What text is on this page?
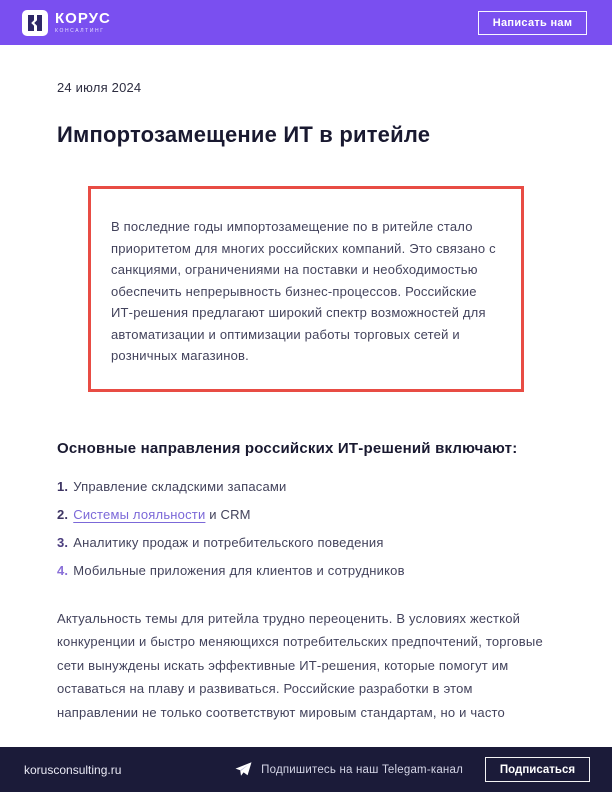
КОРУС
КОНСАЛТИНГ
Написать нам
24 июля 2024
Импортозамещение ИТ в ритейле

В последние годы импортозамещение по в ритейле стало приоритетом для многих российских компаний. Это связано с санкциями, ограничениями на поставки и необходимостью обеспечить непрерывность бизнес-процессов. Российские ИТ-решения предлагают широкий спектр возможностей для автоматизации и оптимизации работы торговых сетей и розничных магазинов.

Основные направления российских ИТ-решений включают:
1. Управление складскими запасами
2. Системы лояльности и CRM
3. Аналитику продаж и потребительского поведения
4. Мобильные приложения для клиентов и сотрудников

Актуальность темы для ритейла трудно переоценить. В условиях жесткой конкуренции и быстро меняющихся потребительских предпочтений, торговые сети вынуждены искать эффективные ИТ-решения, которые помогут им оставаться на плаву и развиваться. Российские разработки в этом направлении не только соответствуют мировым стандартам, но и часто

korusconsulting.ru	Подпишитесь на наш Telegam-канал	Подписаться
